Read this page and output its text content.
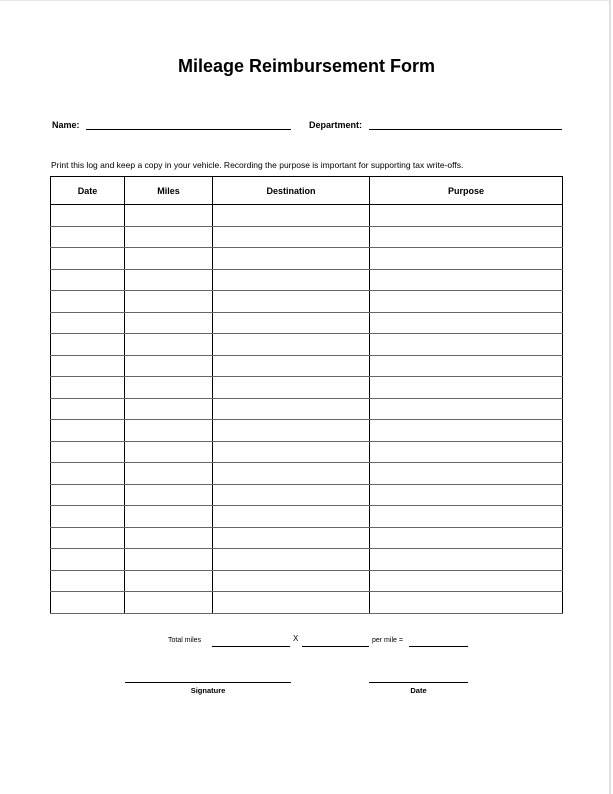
Mileage Reimbursement Form
Name:	Department:
Print this log and keep a copy in your vehicle. Recording the purpose is important for supporting tax write-offs.
Date	Miles	Destination	Purpose

Total miles	X	per mile =
Signature	Date
